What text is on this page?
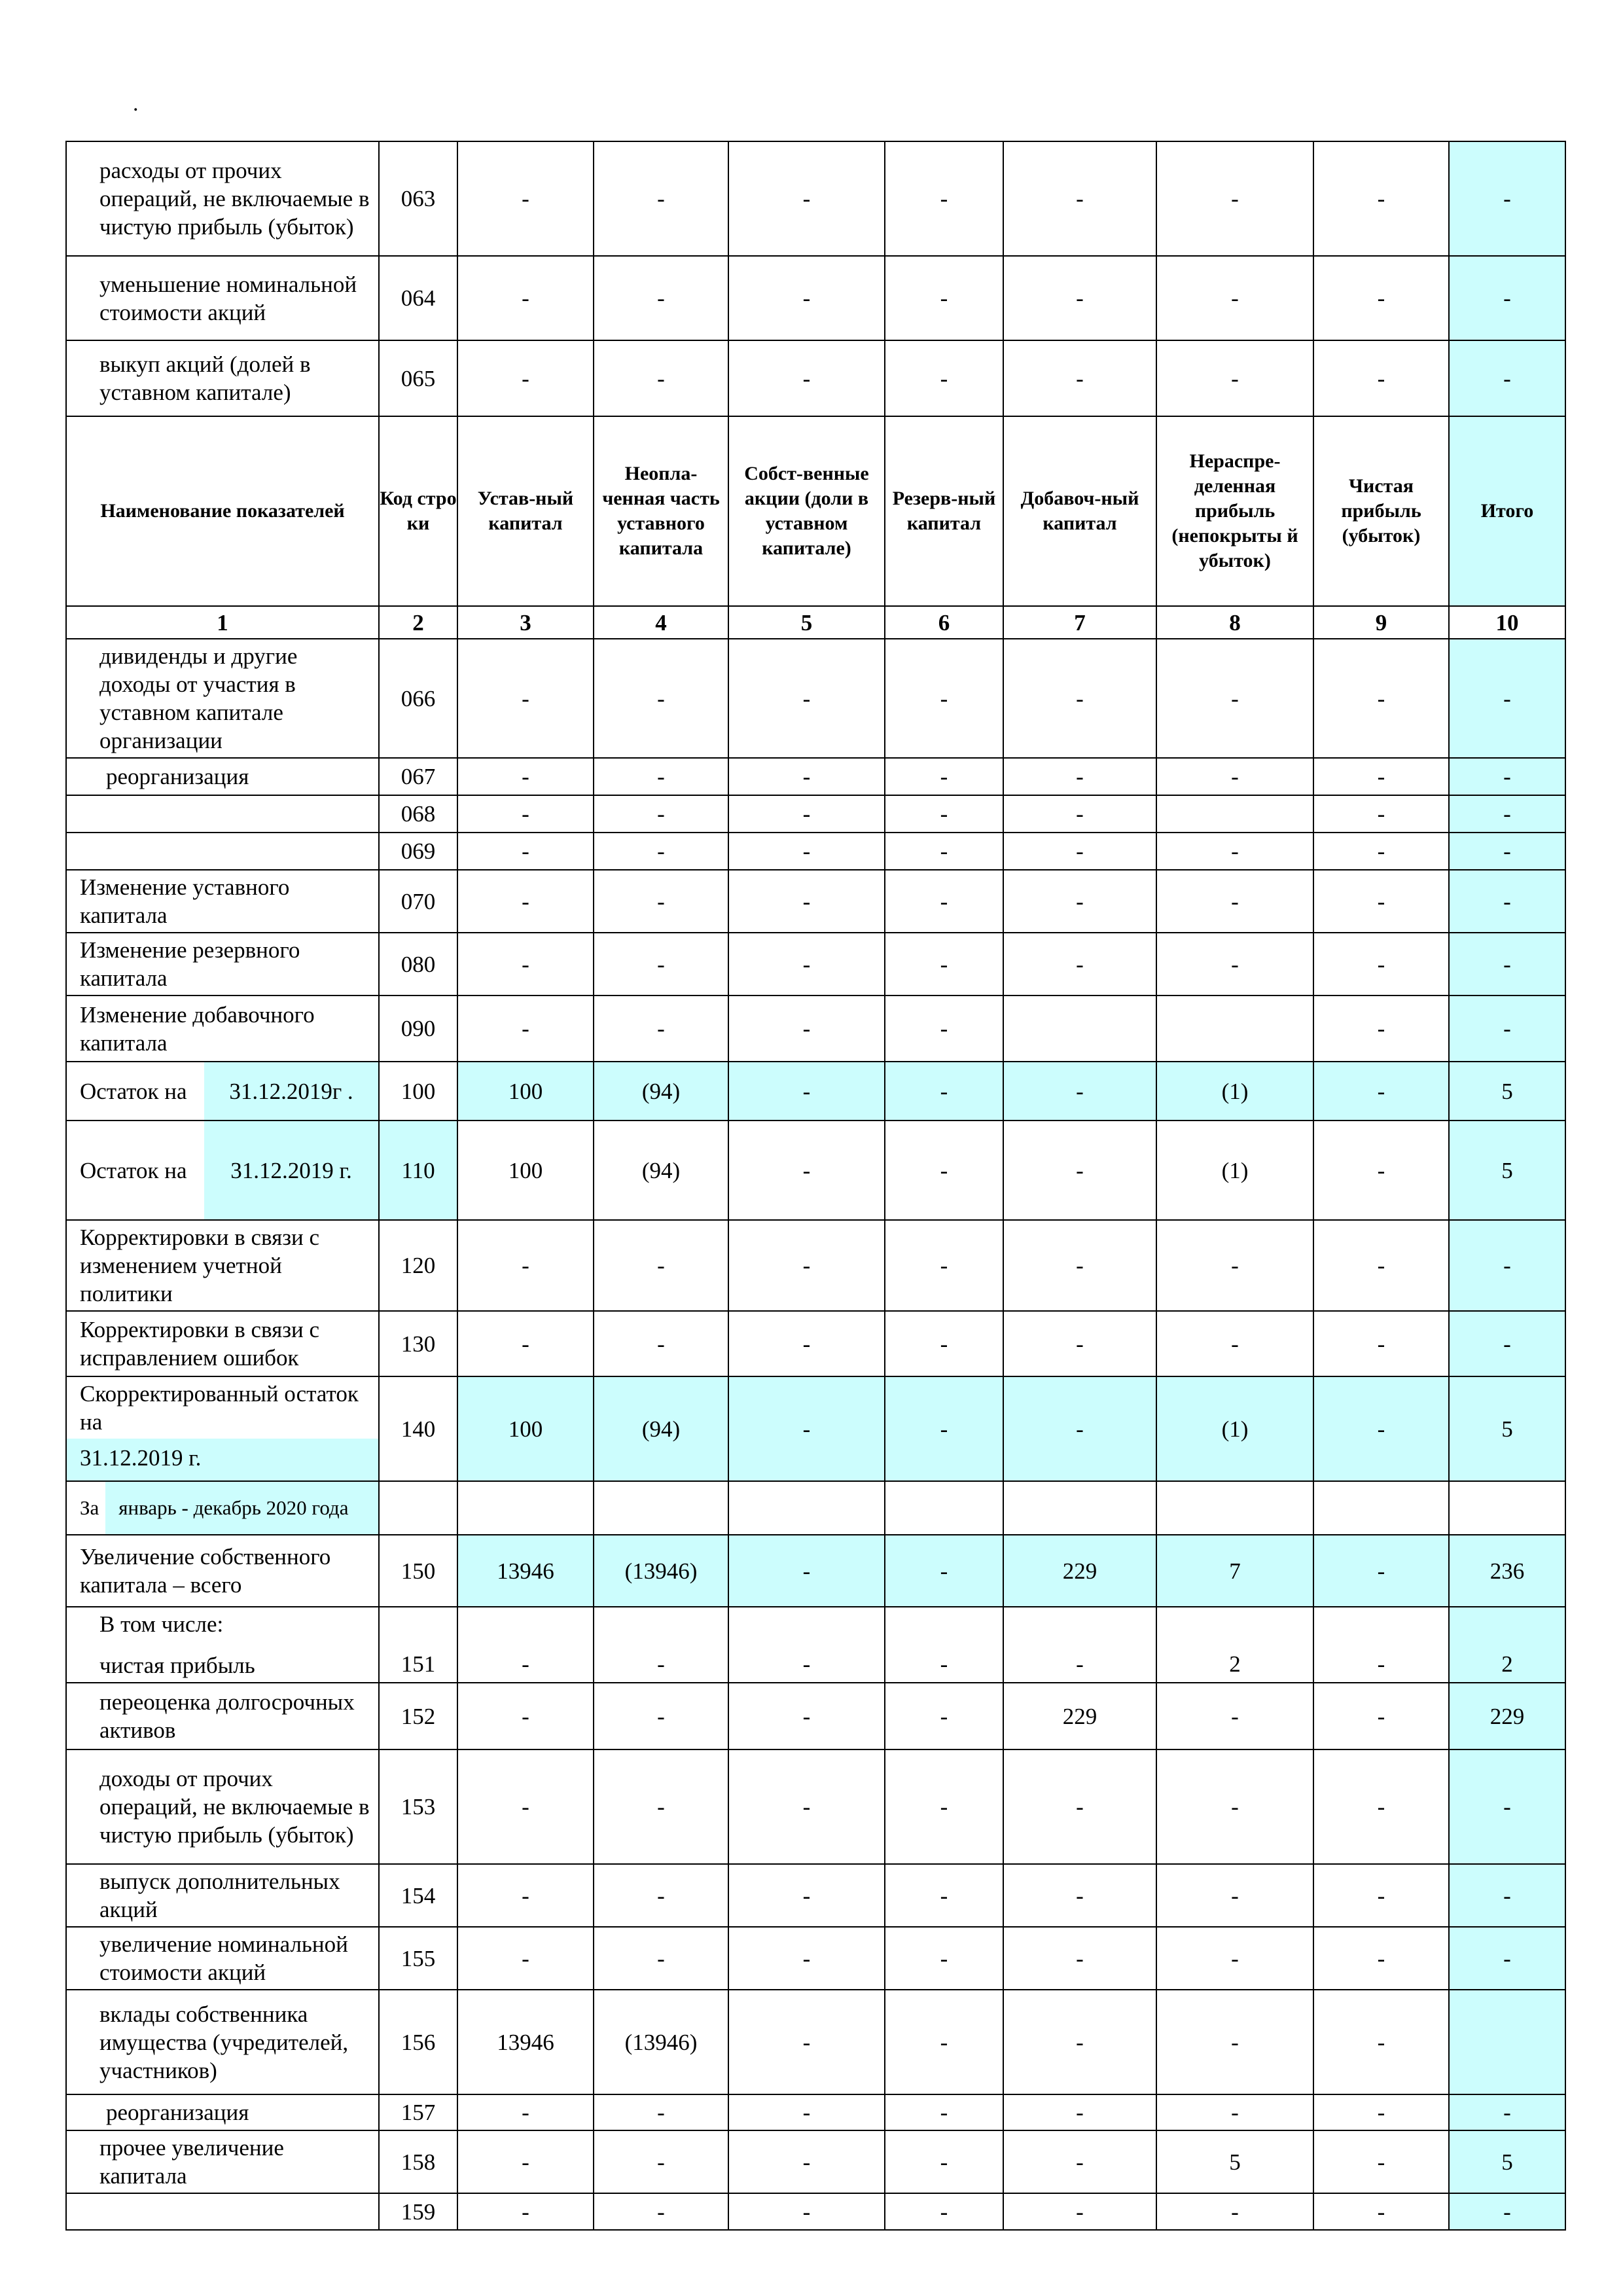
.
расходы от прочих операций, не включаемые в чистую прибыль (убыток)	063	-	-	-	-	-	-	-	-
уменьшение номинальной стоимости акций	064	-	-	-	-	-	-	-	-
выкуп акций (долей в уставном капитале)	065	-	-	-	-	-	-	-	-
Наименование показателей	Код стро ки	Устав-ный капитал	Неопла-ченная часть уставного капитала	Собст-венные акции (доли в уставном капитале)	Резерв-ный капитал	Добавоч-ный капитал	Нераспре-деленная прибыль (непокрыты й убыток)	Чистая прибыль (убыток)	Итого
1	2	3	4	5	6	7	8	9	10
дивиденды и другие доходы от участия в уставном капитале организации	066	-	-	-	-	-	-	-	-
реорганизация	067	-	-	-	-	-	-	-	-
	068	-	-	-	-	-		-	-
	069	-	-	-	-	-	-	-	-
Изменение уставного капитала	070	-	-	-	-	-	-	-	-
Изменение резервного капитала	080	-	-	-	-	-	-	-	-
Изменение добавочного капитала	090	-	-	-	-			-	-

Остаток на 31.12.2019г .	100	100	(94)	-	-	-	(1)	-	5

Остаток на 31.12.2019 г.	110	100	(94)	-	-	-	(1)	-	5
Корректировки в связи с изменением учетной политики	120	-	-	-	-	-	-	-	-
Корректировки в связи с исправлением ошибок	130	-	-	-	-	-	-	-	-

Скорректированный остаток на
31.12.2019 г.	140	100	(94)	-	-	-	(1)	-	5

За январь - декабрь 2020 года									

Увеличение собственного капитала – всего	150	13946	(13946)	-	-	229	7	-	236

В том числе:
чистая прибыль	151	-	-	-	-	-	2	-	2
переоценка долгосрочных активов	152	-	-	-	-	229	-	-	229
доходы от прочих операций, не включаемые в чистую прибыль (убыток)	153	-	-	-	-	-	-	-	-
выпуск дополнительных акций	154	-	-	-	-	-	-	-	-
увеличение номинальной стоимости акций	155	-	-	-	-	-	-	-	-
вклады собственника имущества (учредителей, участников)	156	13946	(13946)	-	-	-	-	-	
реорганизация	157	-	-	-	-	-	-	-	-
прочее увеличение капитала	158	-	-	-	-	-	5	-	5
	159	-	-	-	-	-	-	-	-
